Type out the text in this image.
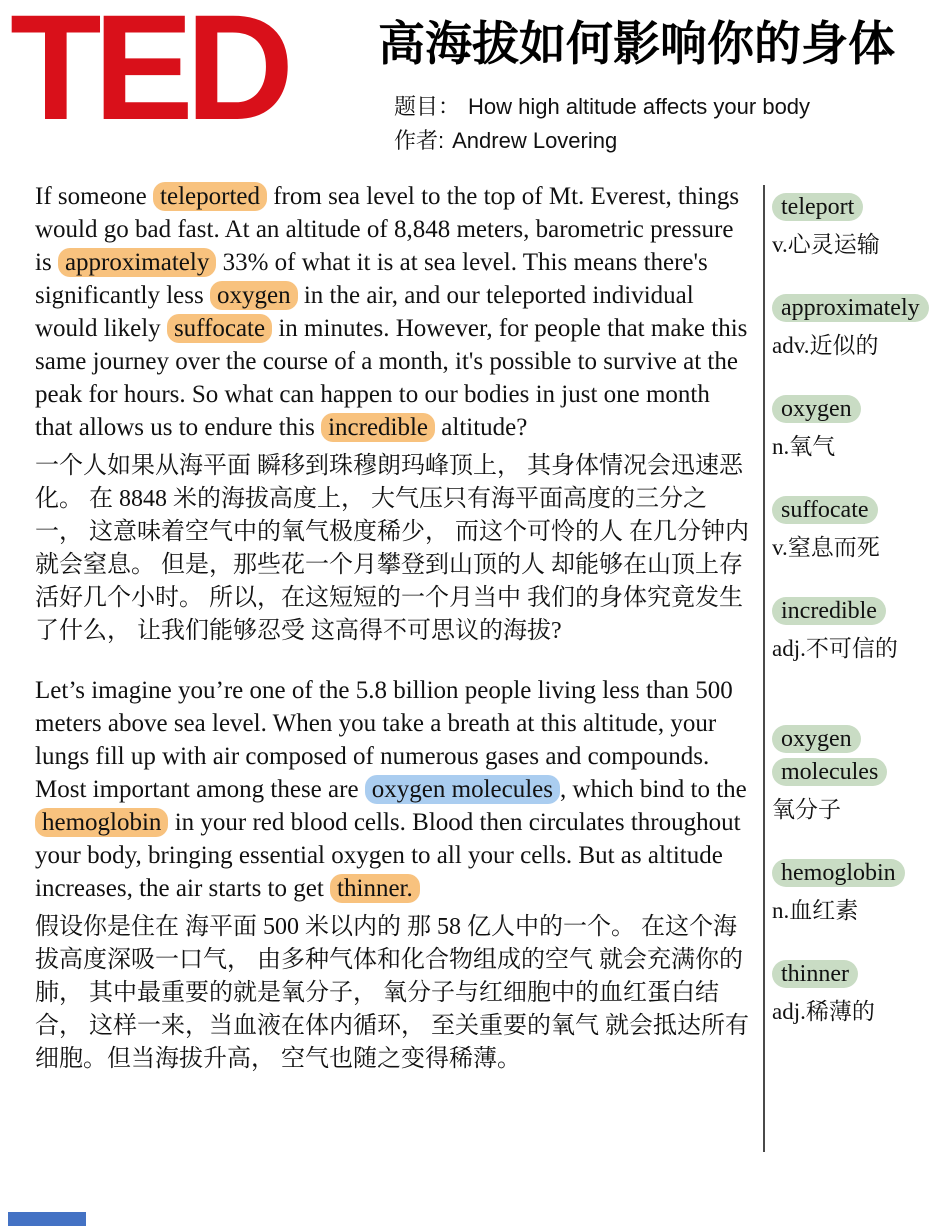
TED 高海拔如何影响你的身体
题目： How high altitude affects your body
作者: Andrew Lovering

If someone teleported from sea level to the top of Mt. Everest, things would go bad fast. At an altitude of 8,848 meters, barometric pressure is approximately 33% of what it is at sea level. This means there's significantly less oxygen in the air, and our teleported individual would likely suffocate in minutes. However, for people that make this same journey over the course of a month, it's possible to survive at the peak for hours. So what can happen to our bodies in just one month that allows us to endure this incredible altitude?

一个人如果从海平面 瞬移到珠穆朗玛峰顶上， 其身体情况会迅速恶化。 在 8848 米的海拔高度上， 大气压只有海平面高度的三分之一， 这意味着空气中的氧气极度稀少， 而这个可怜的人 在几分钟内就会窒息。 但是，那些花一个月攀登到山顶的人 却能够在山顶上存活好几个小时。 所以，在这短短的一个月当中 我们的身体究竟发生了什么， 让我们能够忍受 这高得不可思议的海拔?

Let’s imagine you’re one of the 5.8 billion people living less than 500 meters above sea level. When you take a breath at this altitude, your lungs fill up with air composed of numerous gases and compounds. Most important among these are oxygen molecules , which bind to the hemoglobin in your red blood cells. Blood then circulates throughout your body, bringing essential oxygen to all your cells. But as altitude increases, the air starts to get thinner.

假设你是住在 海平面 500 米以内的 那 58 亿人中的一个。 在这个海拔高度深吸一口气， 由多种气体和化合物组成的空气 就会充满你的肺， 其中最重要的就是氧分子， 氧分子与红细胞中的血红蛋白结合， 这样一来，当血液在体内循环， 至关重要的氧气 就会抵达所有细胞。但当海拔升高， 空气也随之变得稀薄。

teleport
v.心灵运输
approximately
adv.近似的
oxygen
n.氧气
suffocate
v.窒息而死
incredible
adj.不可信的
oxygen molecules
氧分子
hemoglobin
n.血红素
thinner
adj.稀薄的
